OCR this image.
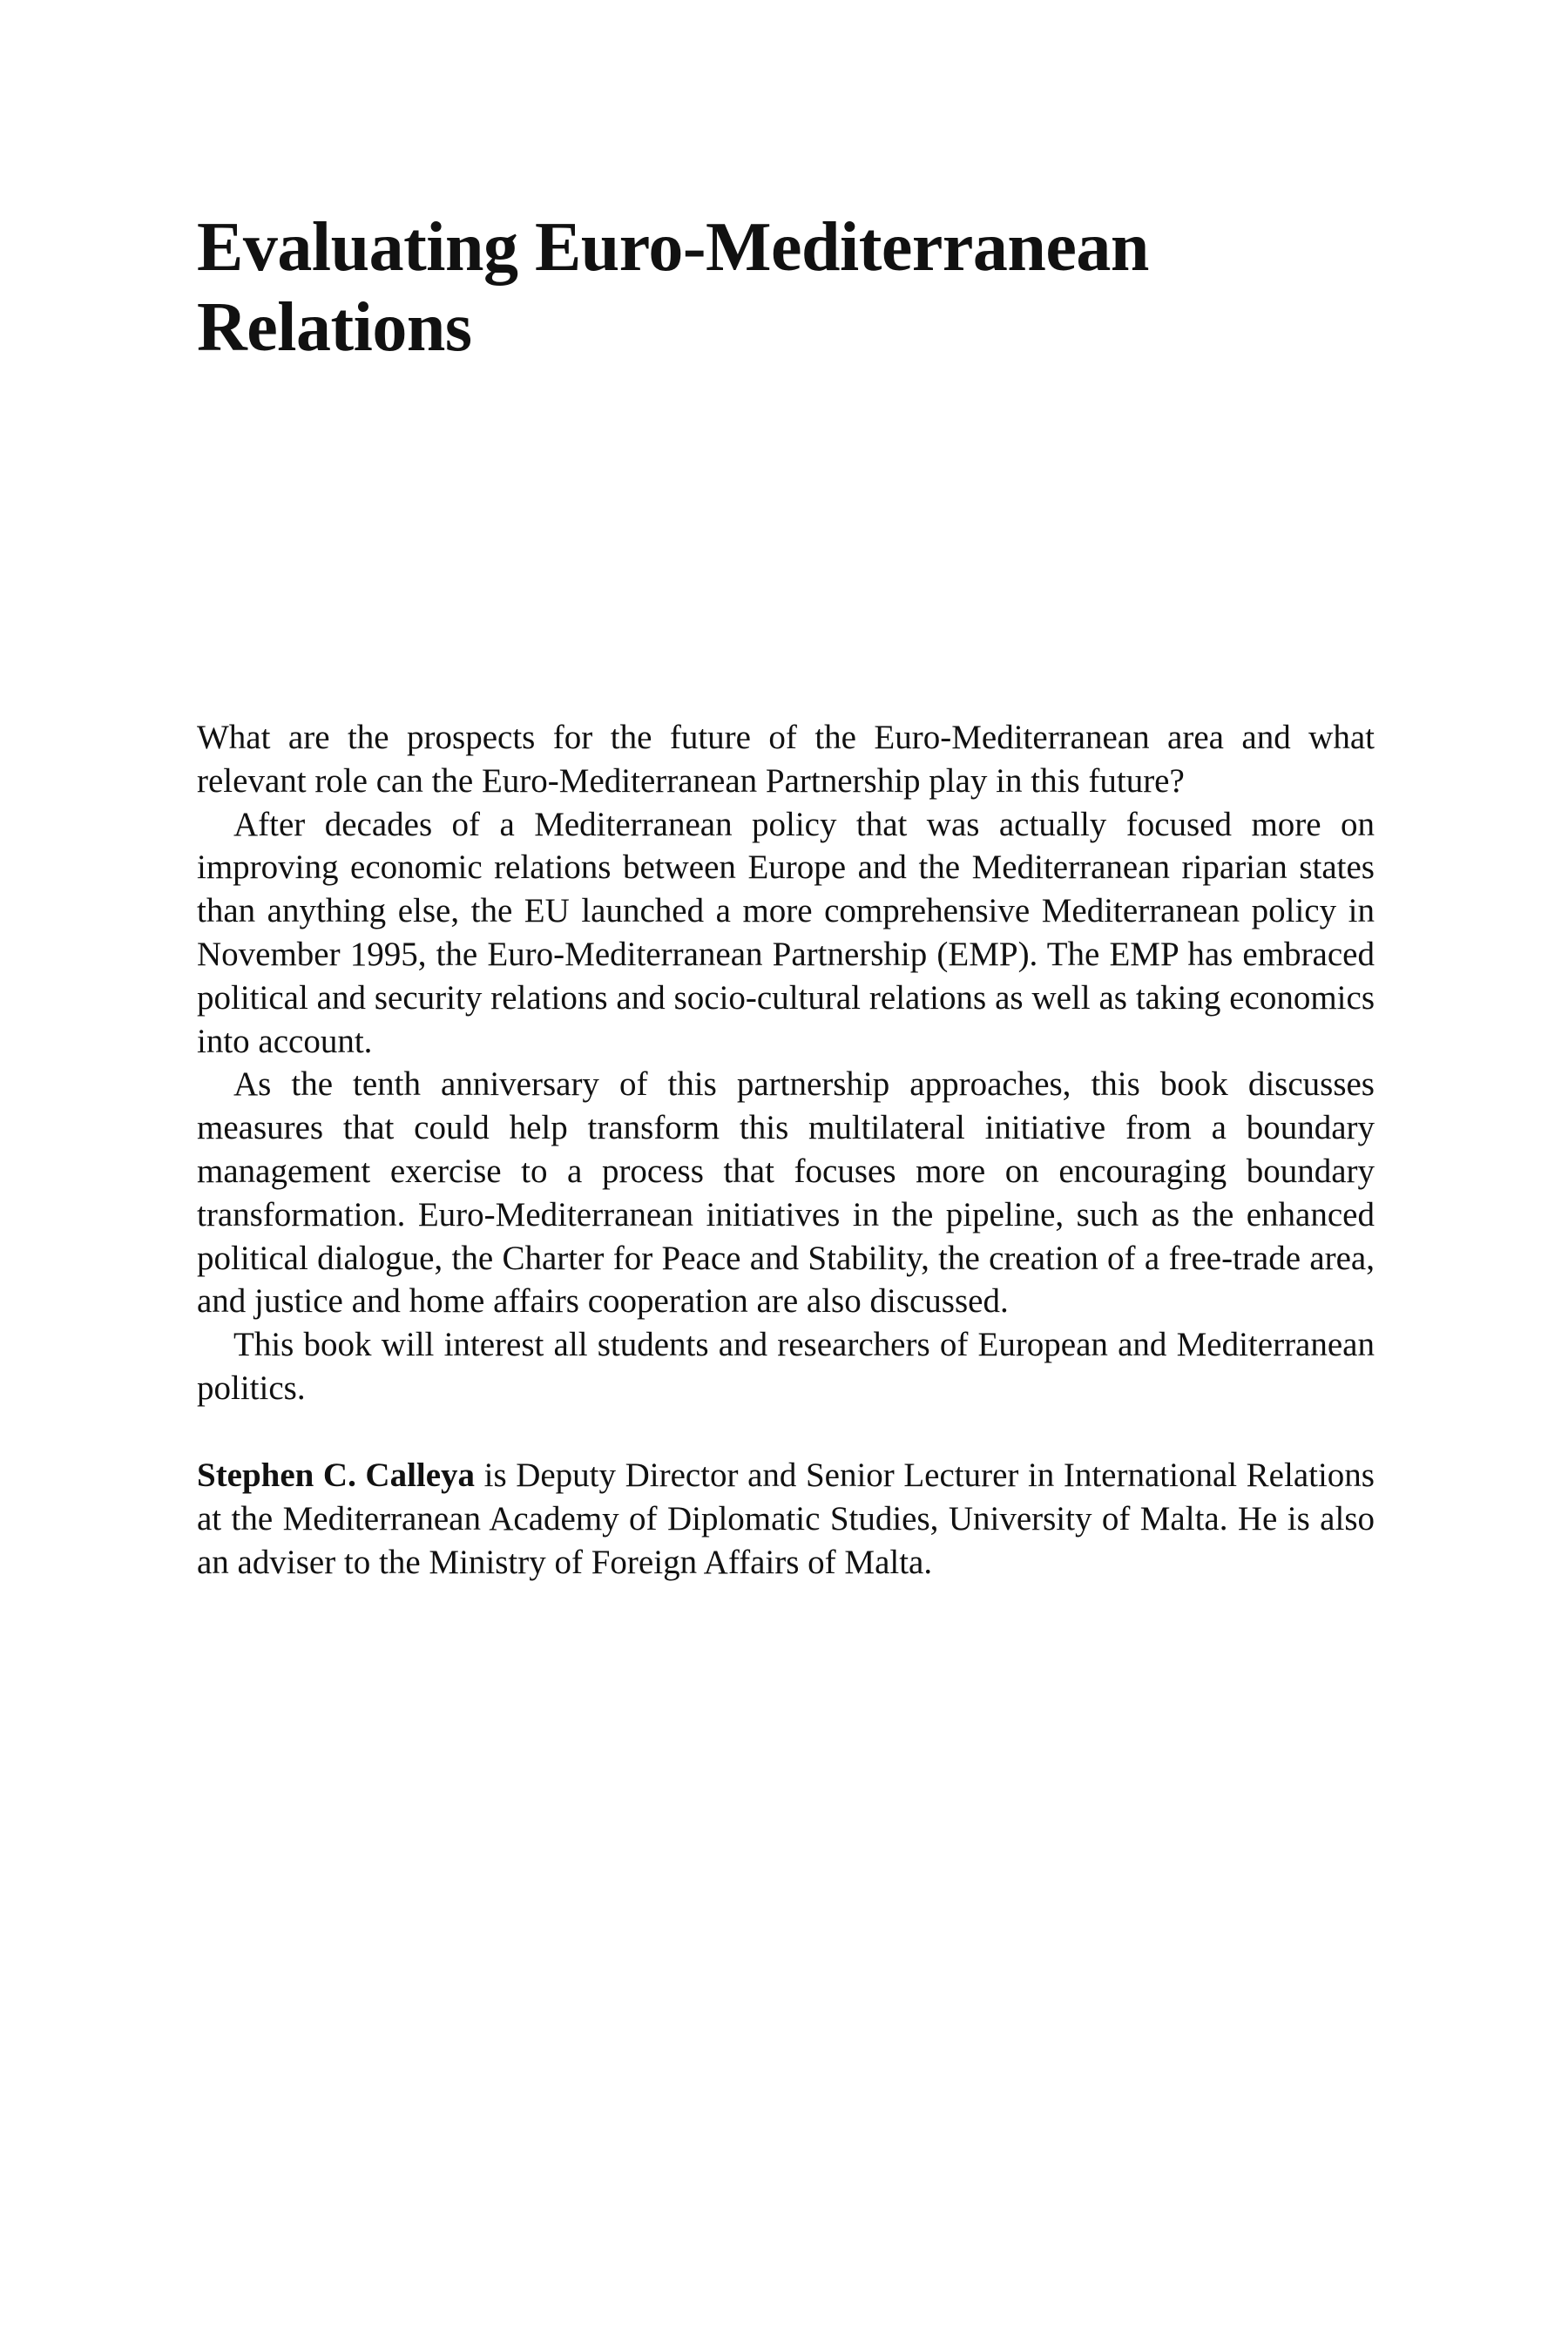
Evaluating Euro-Mediterranean
Relations

What are the prospects for the future of the Euro-Mediterranean area and what relevant role can the Euro-Mediterranean Partnership play in this future?

After decades of a Mediterranean policy that was actually focused more on improving economic relations between Europe and the Mediterranean riparian states than anything else, the EU launched a more comprehensive Mediterranean policy in November 1995, the Euro-Mediterranean Partnership (EMP). The EMP has embraced political and security relations and socio-cultural relations as well as taking economics into account.

As the tenth anniversary of this partnership approaches, this book discusses measures that could help transform this multilateral initiative from a boundary management exercise to a process that focuses more on encouraging boundary transformation. Euro-Mediterranean initiatives in the pipeline, such as the enhanced political dialogue, the Charter for Peace and Stability, the creation of a free-trade area, and justice and home affairs cooperation are also discussed.

This book will interest all students and researchers of European and Mediterranean politics.

Stephen C. Calleya is Deputy Director and Senior Lecturer in International Relations at the Mediterranean Academy of Diplomatic Studies, University of Malta. He is also an adviser to the Ministry of Foreign Affairs of Malta.
